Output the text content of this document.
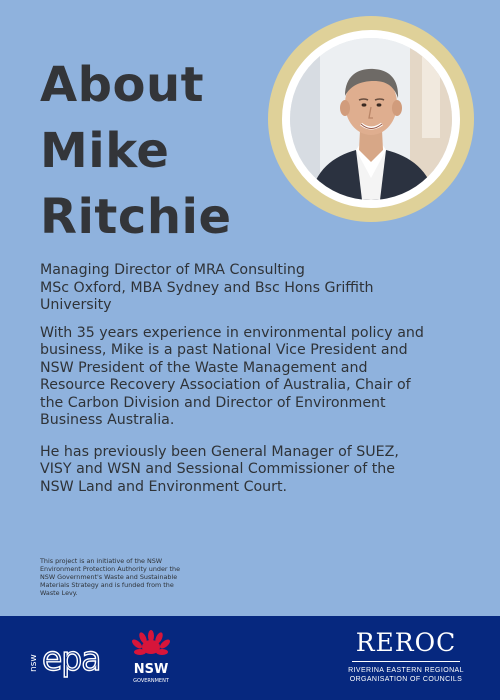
About
Mike
Ritchie

Managing Director of MRA Consulting
MSc Oxford, MBA Sydney and Bsc Hons Griffith
University

With 35 years experience in environmental policy and
business, Mike is a past National Vice President and
NSW President of the Waste Management and
Resource Recovery Association of Australia, Chair of
the Carbon Division and Director of Environment
Business Australia.

He has previously been General Manager of SUEZ,
VISY and WSN and Sessional Commissioner of the
NSW Land and Environment Court.

This project is an initiative of the NSW
Environment Protection Authority under the
NSW Government's Waste and Sustainable
Materials Strategy and is funded from the
Waste Levy.
nsw epa	NSW
GOVERNMENT
REROC
RIVERINA EASTERN REGIONAL
ORGANISATION OF COUNCILS
